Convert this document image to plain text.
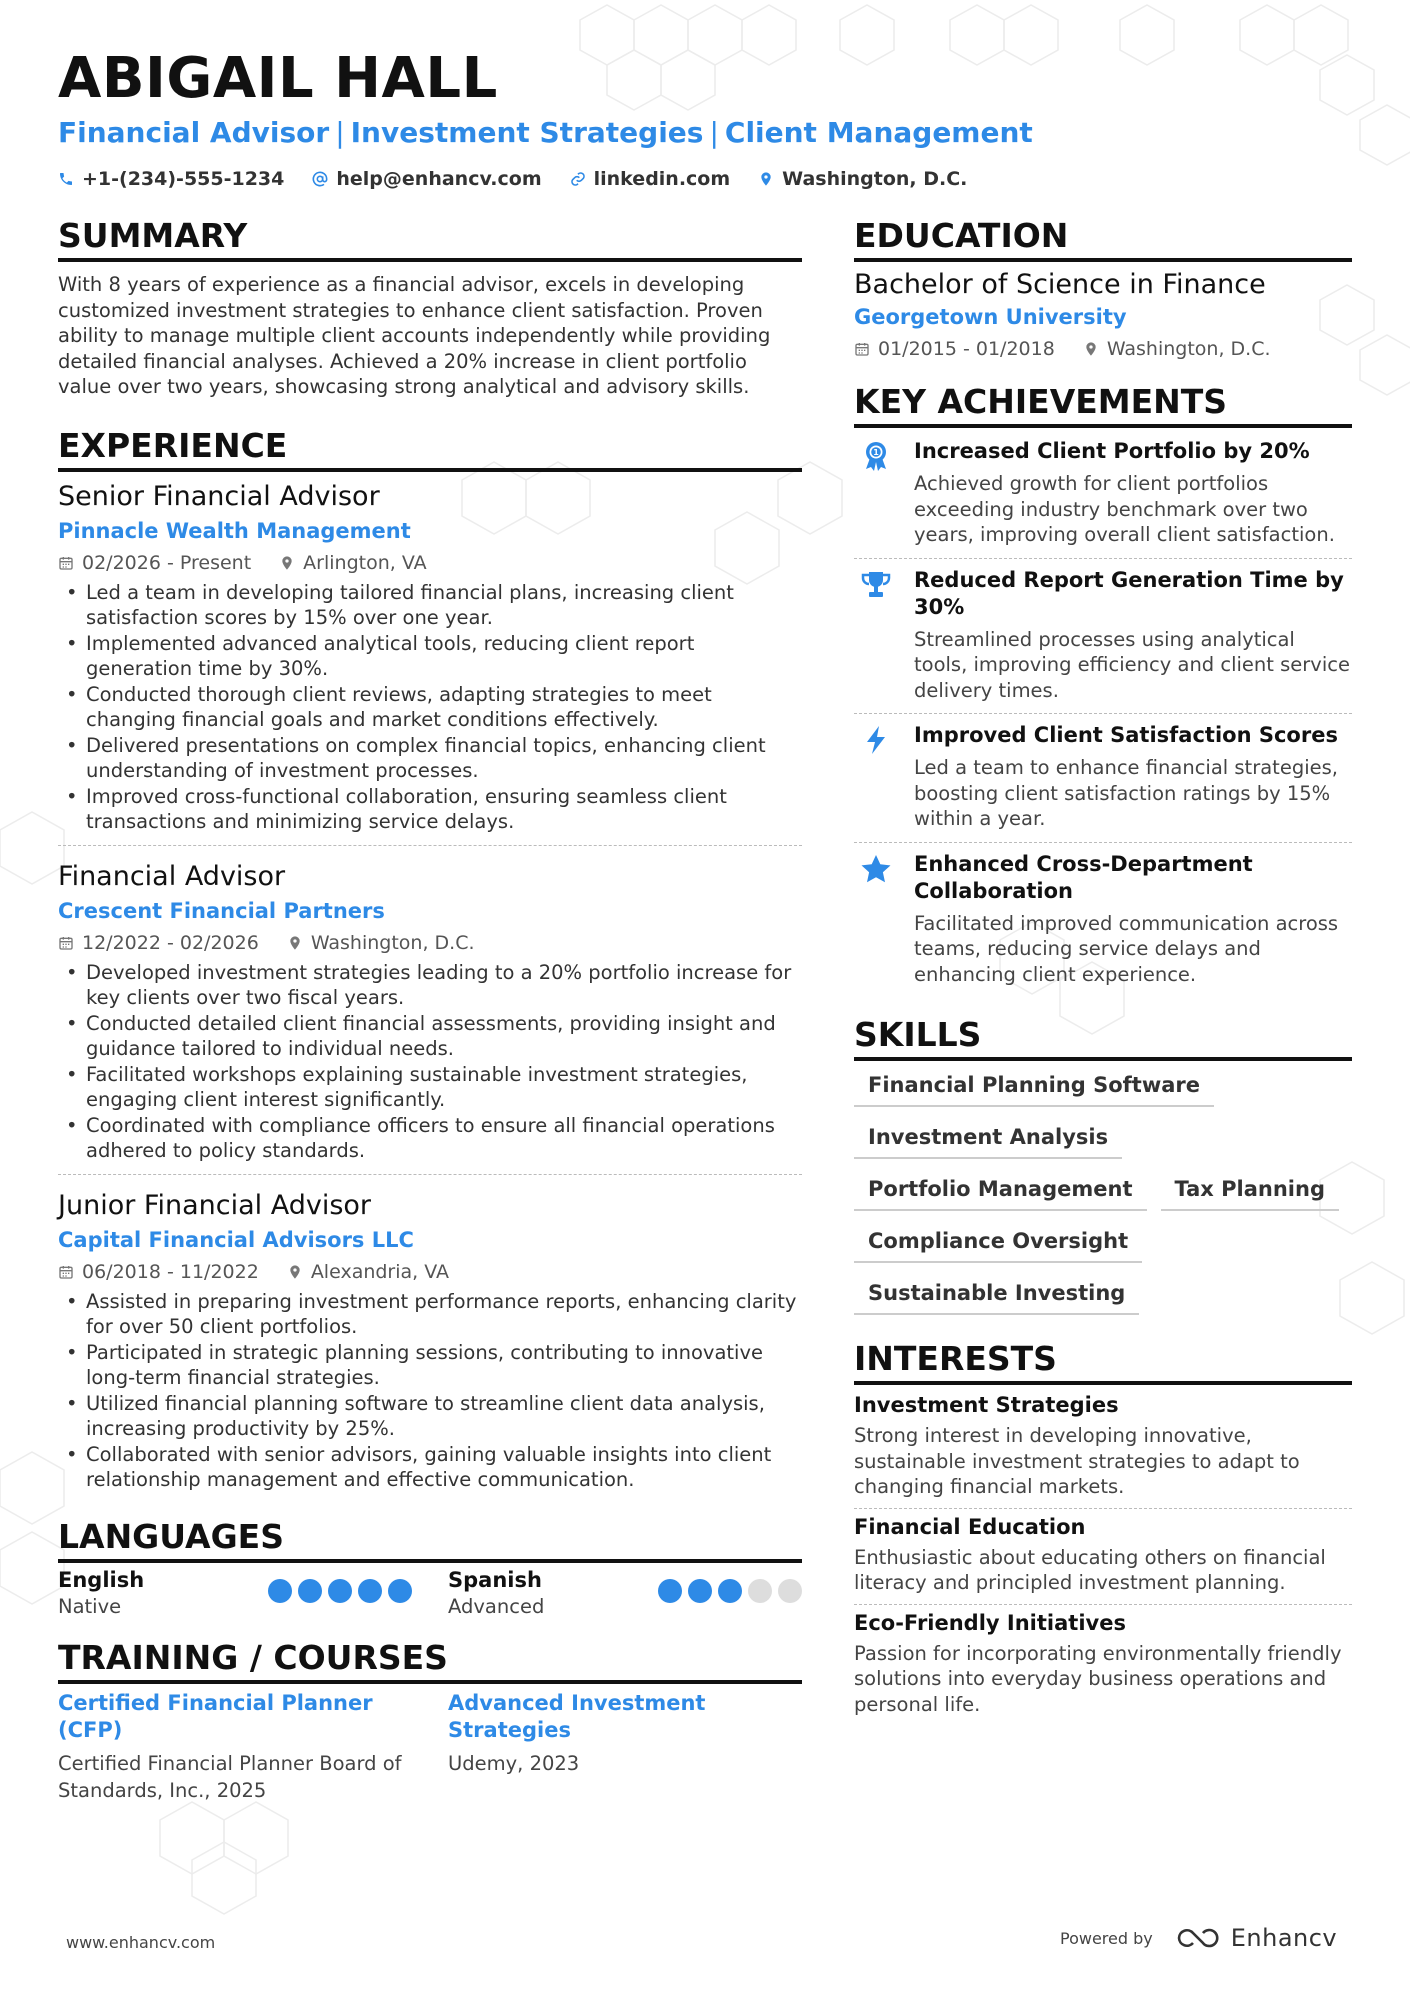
ABIGAIL HALL
Financial Advisor | Investment Strategies | Client Management
+1-(234)-555-1234	help@enhancv.com	linkedin.com	Washington, D.C.
SUMMARY

With 8 years of experience as a financial advisor, excels in developing customized investment strategies to enhance client satisfaction. Proven ability to manage multiple client accounts independently while providing detailed financial analyses. Achieved a 20% increase in client portfolio value over two years, showcasing strong analytical and advisory skills.

EXPERIENCE
Senior Financial Advisor
Pinnacle Wealth Management
02/2026 - Present	Arlington, VA
• Led a team in developing tailored financial plans, increasing client satisfaction scores by 15% over one year.
• Implemented advanced analytical tools, reducing client report generation time by 30%.
• Conducted thorough client reviews, adapting strategies to meet changing financial goals and market conditions effectively.
• Delivered presentations on complex financial topics, enhancing client understanding of investment processes.
• Improved cross-functional collaboration, ensuring seamless client transactions and minimizing service delays.
Financial Advisor
Crescent Financial Partners
12/2022 - 02/2026	Washington, D.C.
• Developed investment strategies leading to a 20% portfolio increase for key clients over two fiscal years.
• Conducted detailed client financial assessments, providing insight and guidance tailored to individual needs.
• Facilitated workshops explaining sustainable investment strategies, engaging client interest significantly.
• Coordinated with compliance officers to ensure all financial operations adhered to policy standards.
Junior Financial Advisor
Capital Financial Advisors LLC
06/2018 - 11/2022	Alexandria, VA
• Assisted in preparing investment performance reports, enhancing clarity for over 50 client portfolios.
• Participated in strategic planning sessions, contributing to innovative long-term financial strategies.
• Utilized financial planning software to streamline client data analysis, increasing productivity by 25%.
• Collaborated with senior advisors, gaining valuable insights into client relationship management and effective communication.
LANGUAGES
English
Native
Spanish
Advanced
TRAINING / COURSES
Certified Financial Planner (CFP)
Certified Financial Planner Board of Standards, Inc., 2025
Advanced Investment Strategies
Udemy, 2023
EDUCATION
Bachelor of Science in Finance
Georgetown University
01/2015 - 01/2018	Washington, D.C.
KEY ACHIEVEMENTS
1 Increased Client Portfolio by 20%
Achieved growth for client portfolios exceeding industry benchmark over two years, improving overall client satisfaction.
Reduced Report Generation Time by 30%
Streamlined processes using analytical tools, improving efficiency and client service delivery times.
Improved Client Satisfaction Scores
Led a team to enhance financial strategies, boosting client satisfaction ratings by 15% within a year.
Enhanced Cross-Department Collaboration
Facilitated improved communication across teams, reducing service delays and enhancing client experience.
SKILLS
Financial Planning Software
Investment Analysis
Portfolio Management	Tax Planning
Compliance Oversight
Sustainable Investing
INTERESTS
Investment Strategies
Strong interest in developing innovative, sustainable investment strategies to adapt to changing financial markets.
Financial Education
Enthusiastic about educating others on financial literacy and principled investment planning.
Eco-Friendly Initiatives
Passion for incorporating environmentally friendly solutions into everyday business operations and personal life.
www.enhancv.com	Powered by	Enhancv
